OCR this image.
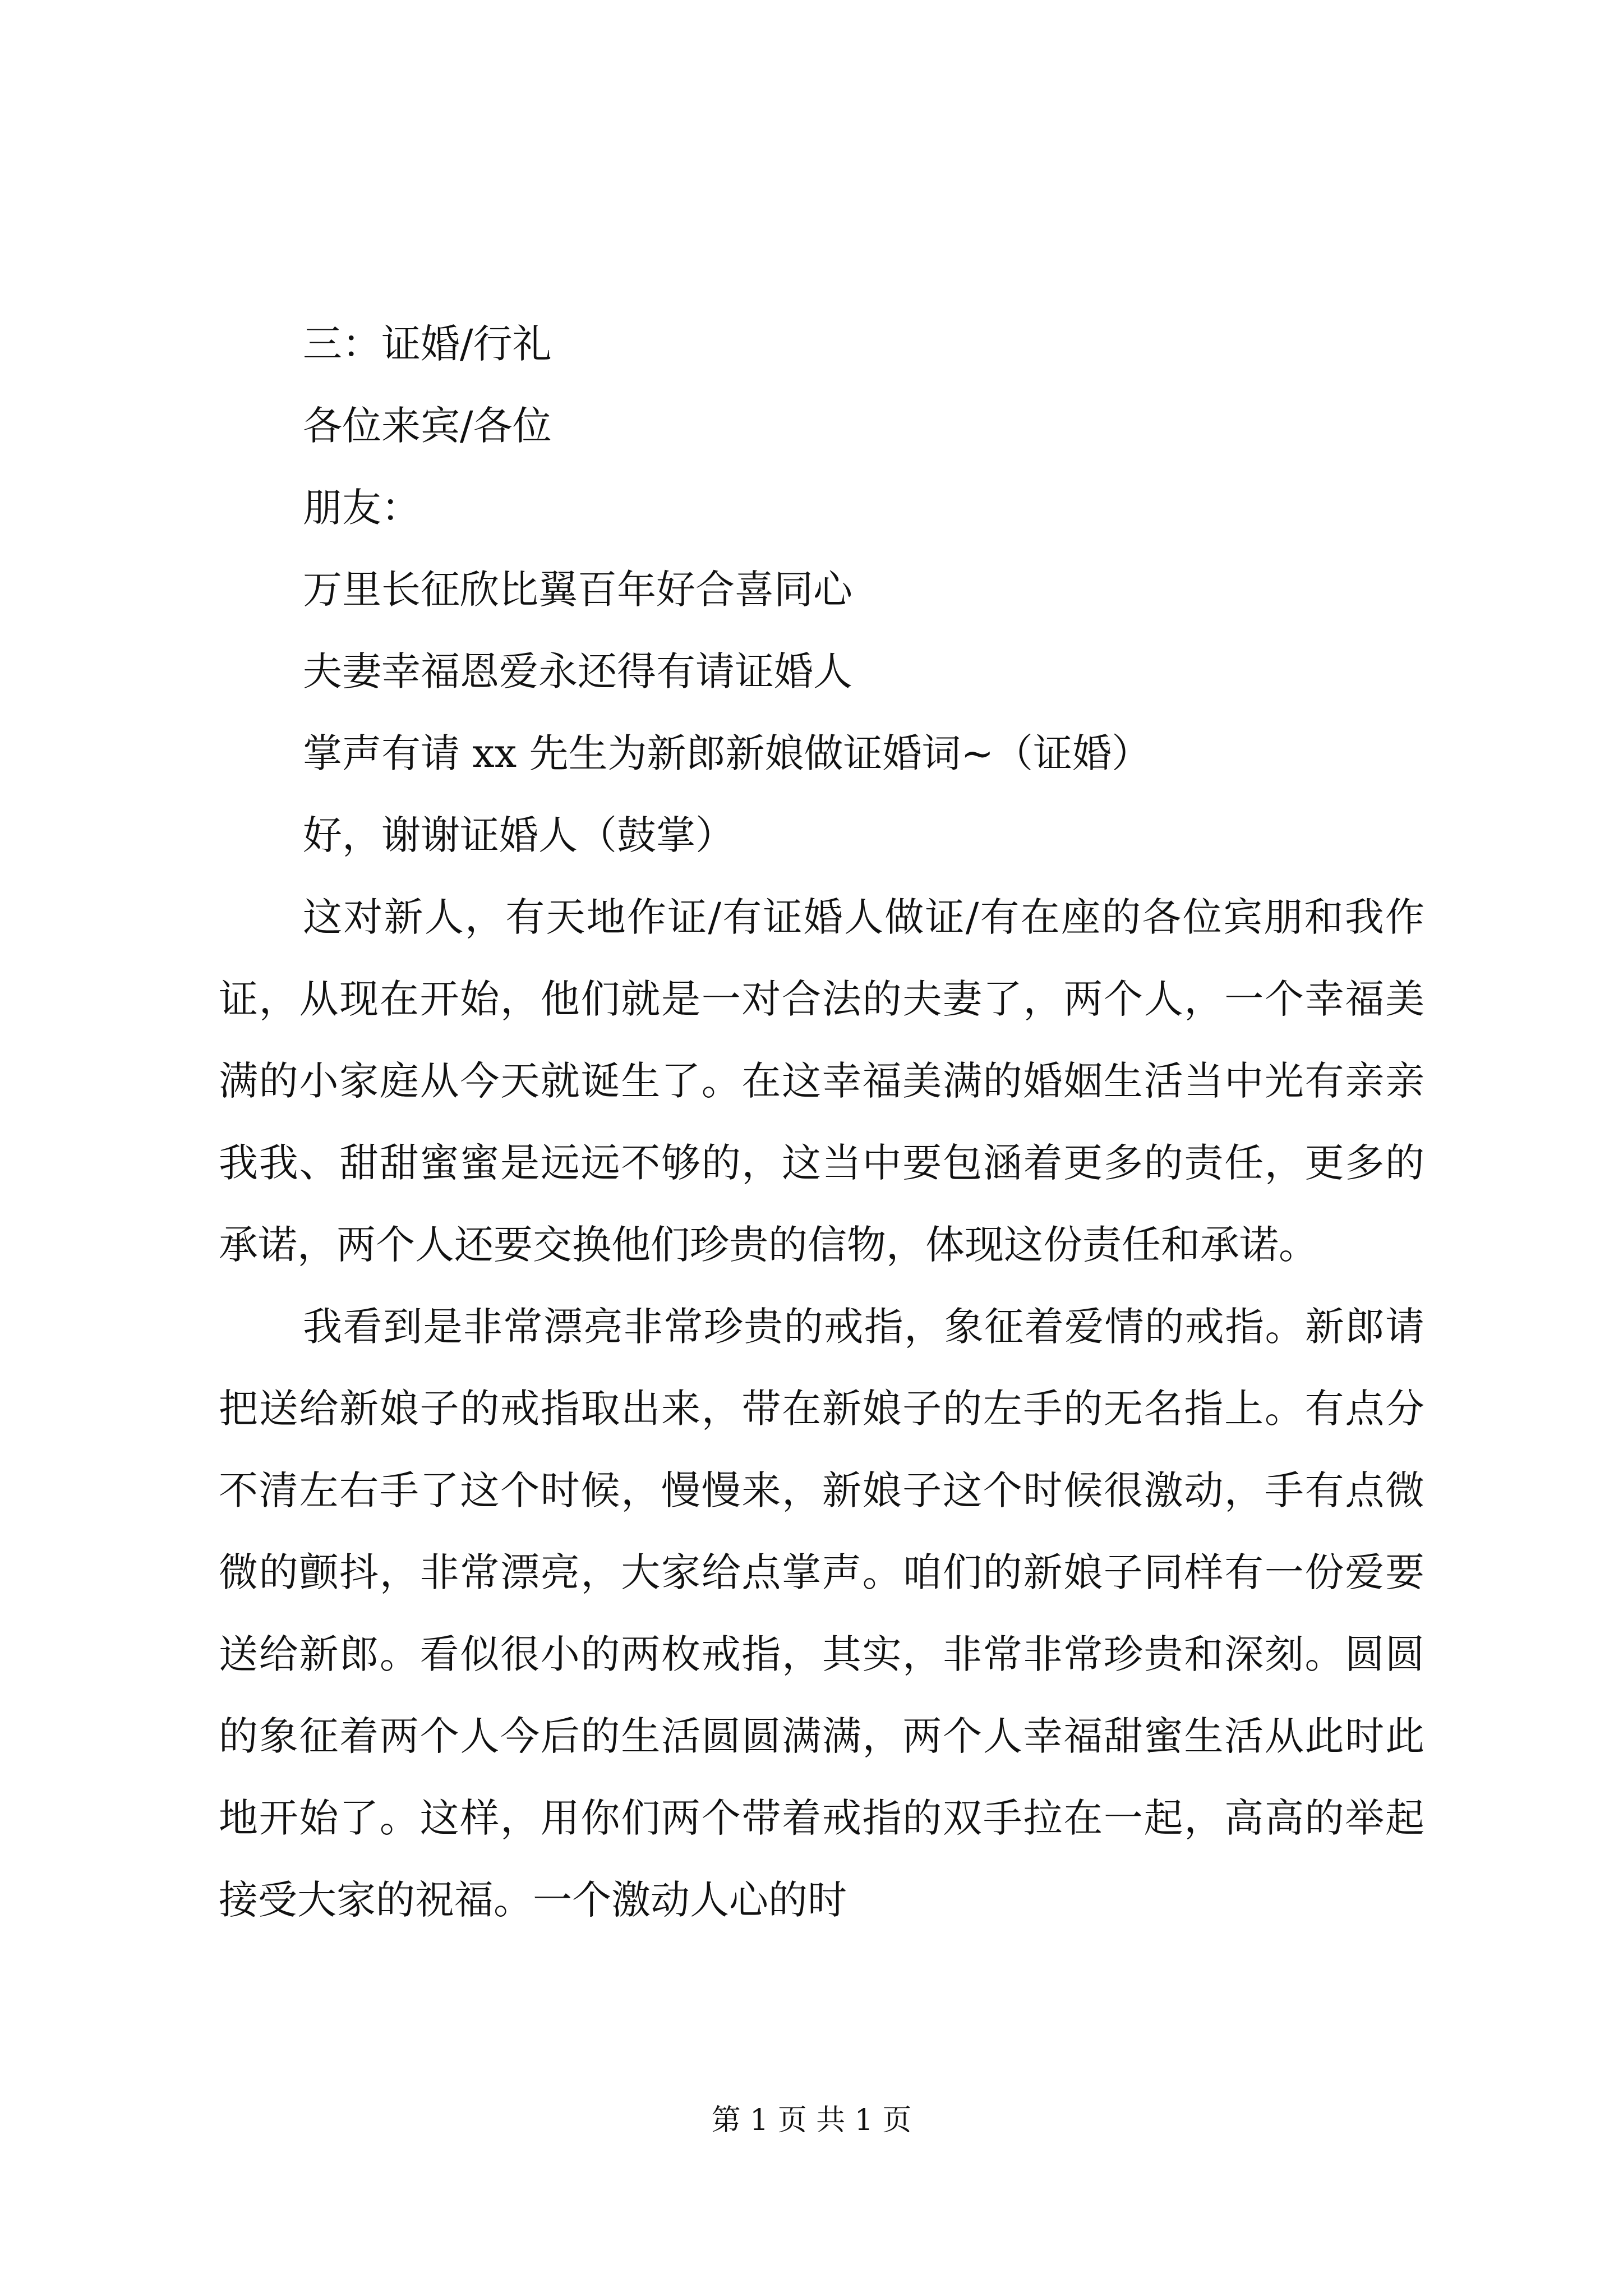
三：证婚/行礼

各位来宾/各位

朋友：

万里长征欣比翼百年好合喜同心

夫妻幸福恩爱永还得有请证婚人

掌声有请 xx 先生为新郎新娘做证婚词~（证婚）

好，谢谢证婚人（鼓掌）

这对新人，有天地作证/有证婚人做证/有在座的各位宾朋和我作证，从现在开始，他们就是一对合法的夫妻了，两个人，一个幸福美满的小家庭从今天就诞生了。在这幸福美满的婚姻生活当中光有亲亲我我、甜甜蜜蜜是远远不够的，这当中要包涵着更多的责任，更多的承诺，两个人还要交换他们珍贵的信物，体现这份责任和承诺。

我看到是非常漂亮非常珍贵的戒指，象征着爱情的戒指。新郎请把送给新娘子的戒指取出来，带在新娘子的左手的无名指上。有点分不清左右手了这个时候，慢慢来，新娘子这个时候很激动，手有点微微的颤抖，非常漂亮，大家给点掌声。咱们的新娘子同样有一份爱要送给新郎。看似很小的两枚戒指，其实，非常非常珍贵和深刻。圆圆的象征着两个人今后的生活圆圆满满，两个人幸福甜蜜生活从此时此地开始了。这样，用你们两个带着戒指的双手拉在一起，高高的举起接受大家的祝福。一个激动人心的时

第 1 页 共 1 页
